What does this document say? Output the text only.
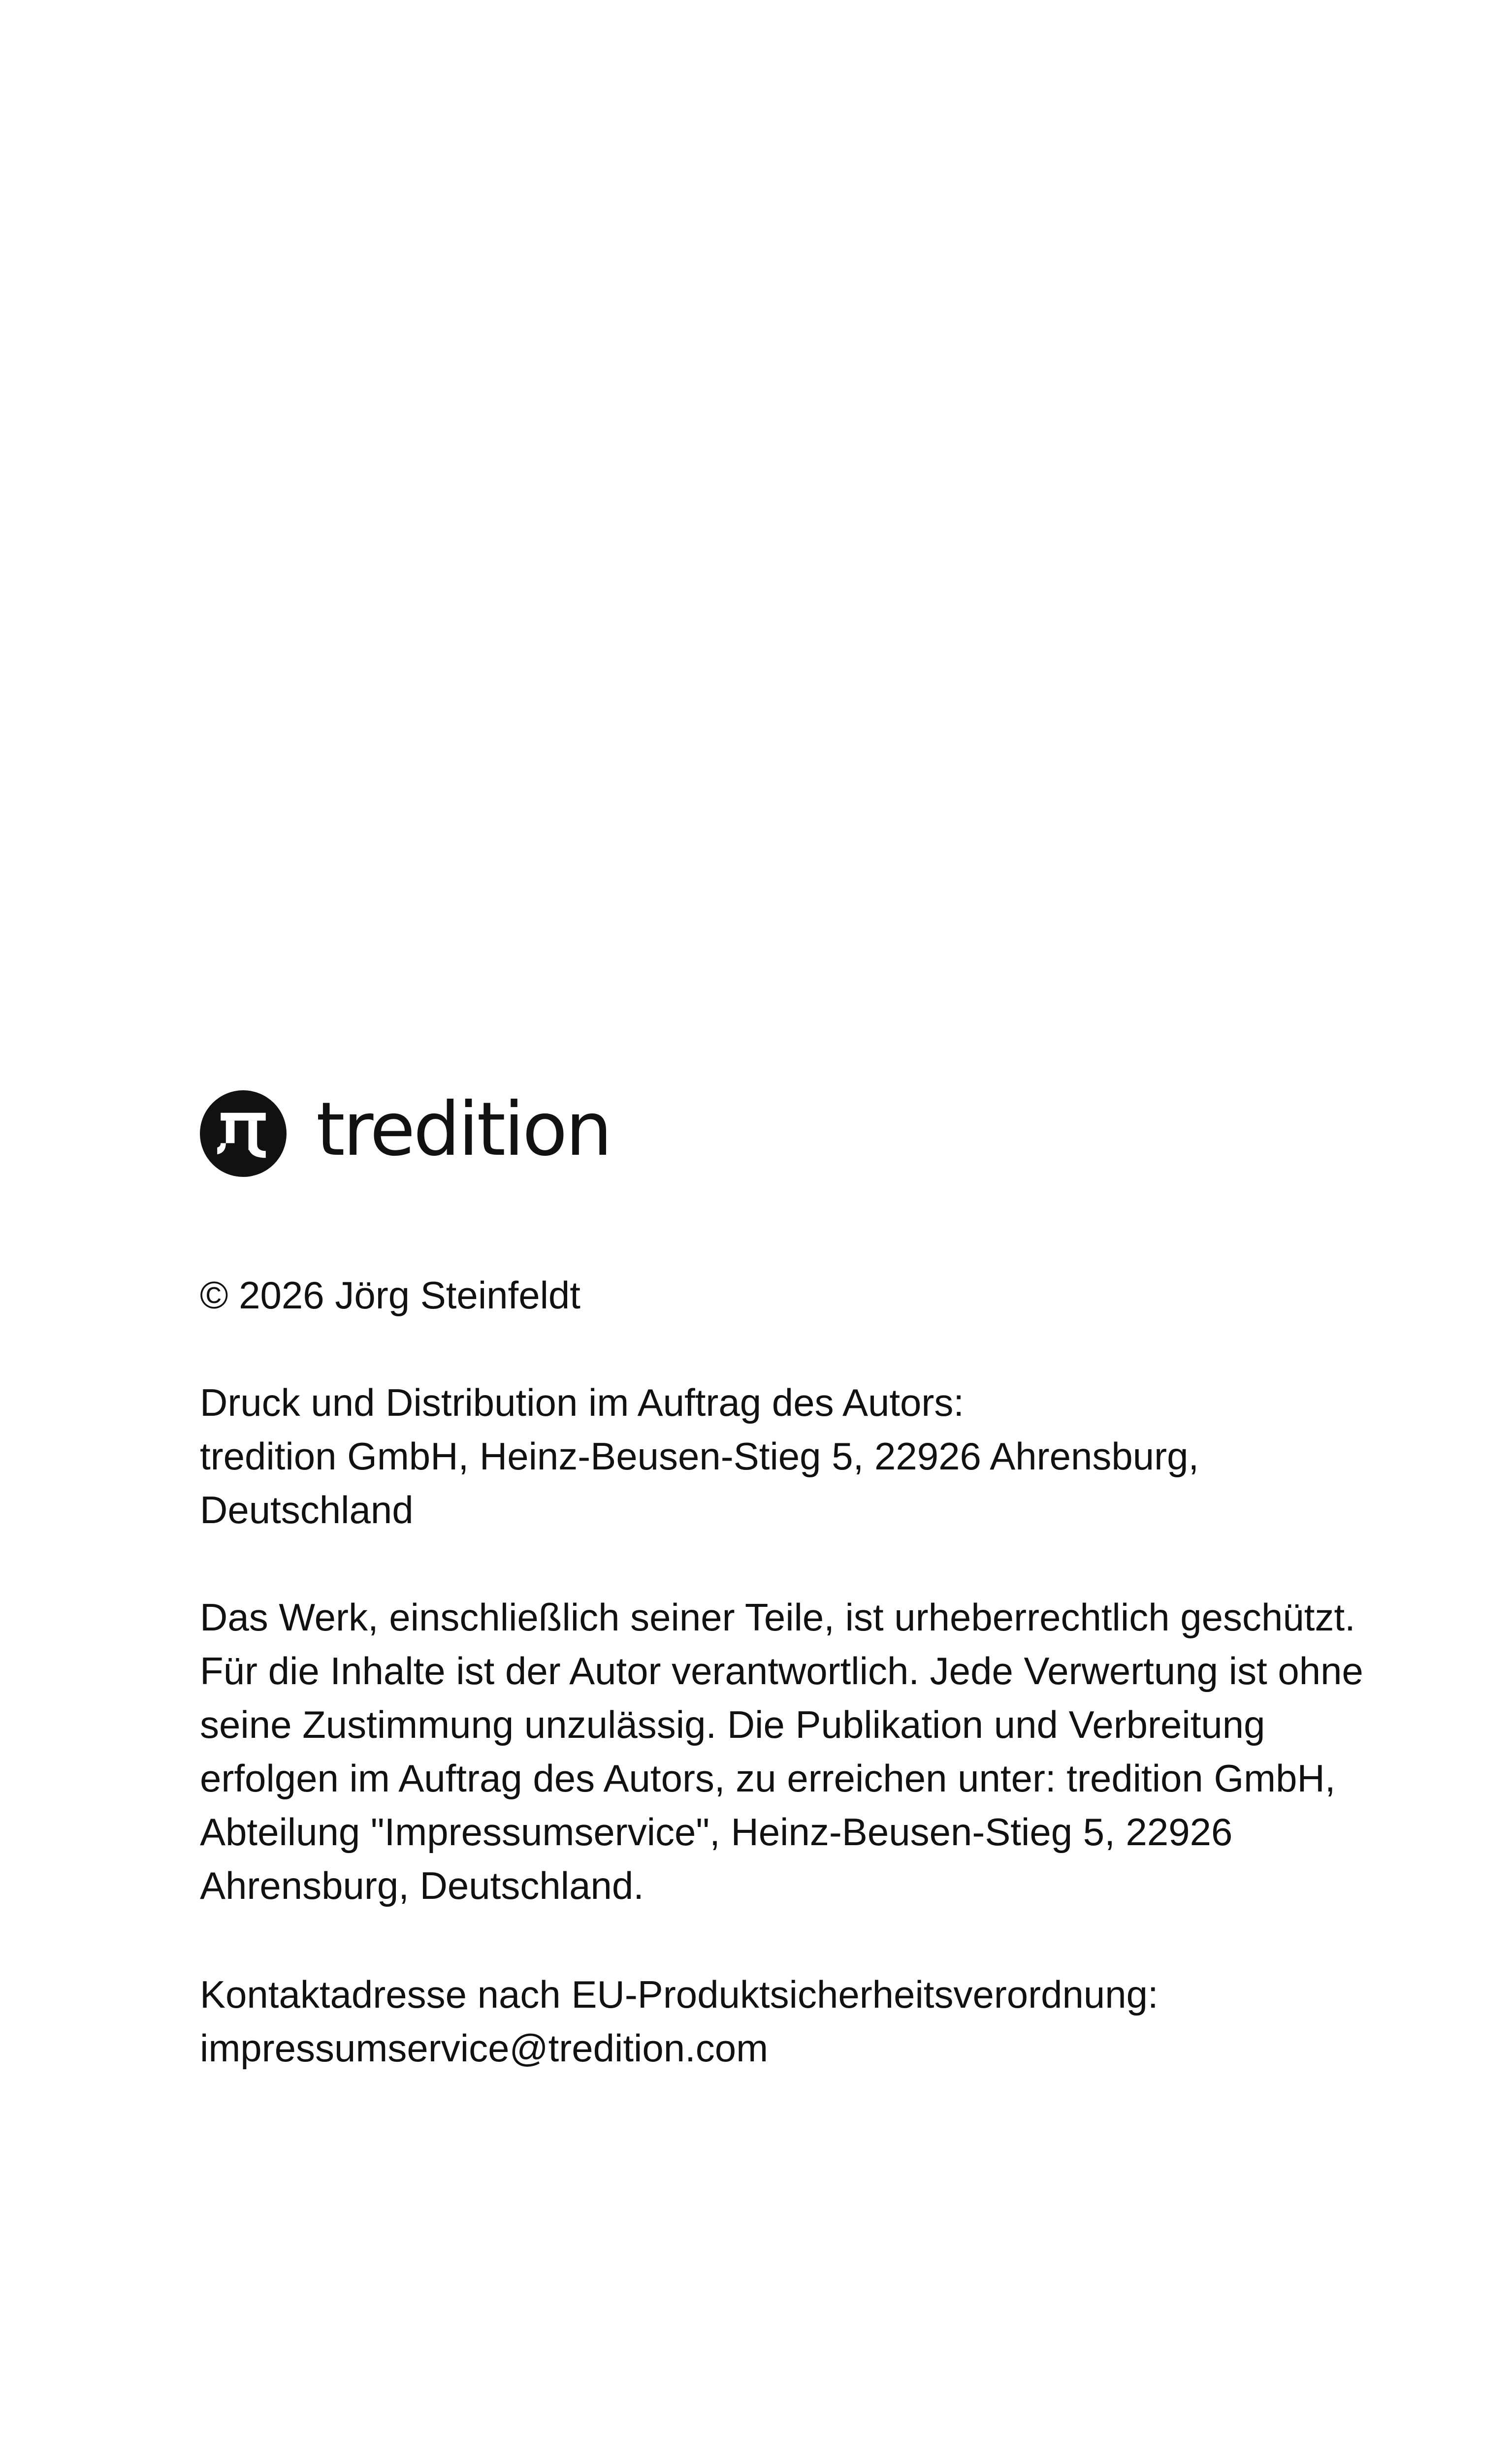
tredition

© 2026 Jörg Steinfeldt

Druck und Distribution im Auftrag des Autors:

tredition GmbH, Heinz-Beusen-Stieg 5, 22926 Ahrensburg,

Deutschland

Das Werk, einschließlich seiner Teile, ist urheberrechtlich geschützt.

Für die Inhalte ist der Autor verantwortlich. Jede Verwertung ist ohne

seine Zustimmung unzulässig. Die Publikation und Verbreitung

erfolgen im Auftrag des Autors, zu erreichen unter: tredition GmbH,

Abteilung "Impressumservice", Heinz-Beusen-Stieg 5, 22926

Ahrensburg, Deutschland.

Kontaktadresse nach EU-Produktsicherheitsverordnung:

impressumservice@tredition.com
